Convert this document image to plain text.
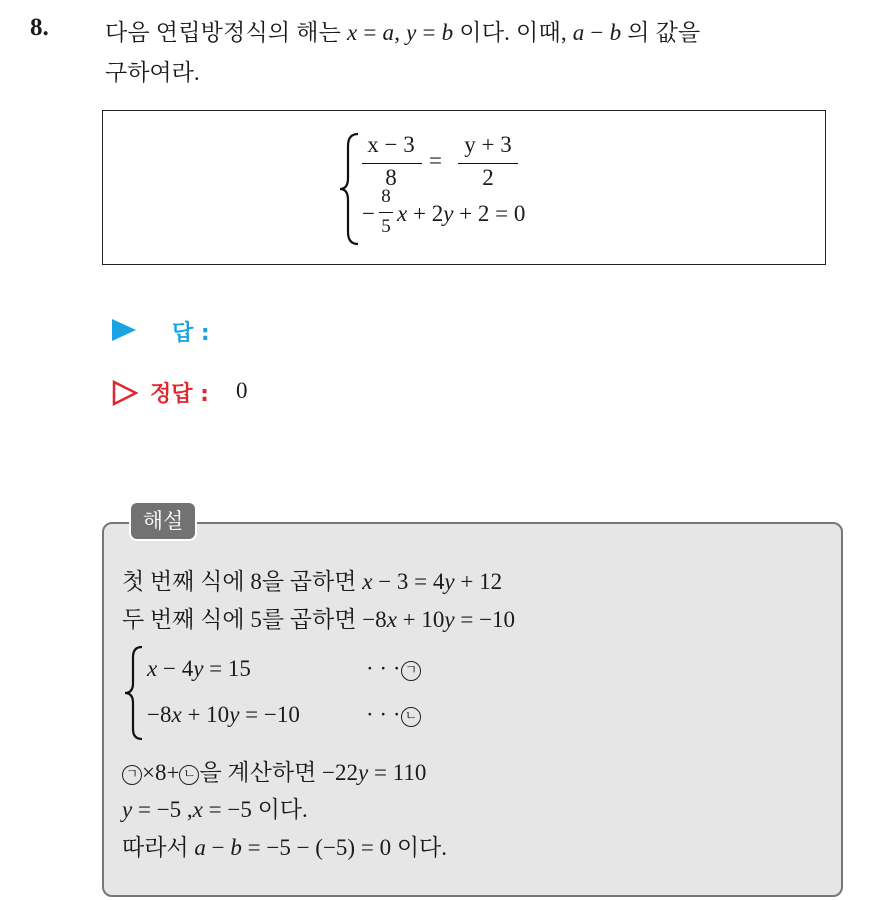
8. 다음 연립방정식의 해는 x = a, y = b 이다. 이때, a − b 의 값을
구하여라.
x − 3
8
=
y + 3
2
−
8
5
x + 2y + 2 = 0
답 :
정답 : 0
해설
첫 번째 식에 8을 곱하면 x − 3 = 4y + 12
두 번째 식에 5를 곱하면 −8x + 10y = −10
x − 4y = 15	· · · ㄱ
−8x + 10y = −10	· · · ㄴ
ㄱ ×8+ ㄴ 을 계산하면 −22y = 110
y = −5 ,x = −5 이다.
따라서 a − b = −5 − (−5) = 0 이다.
